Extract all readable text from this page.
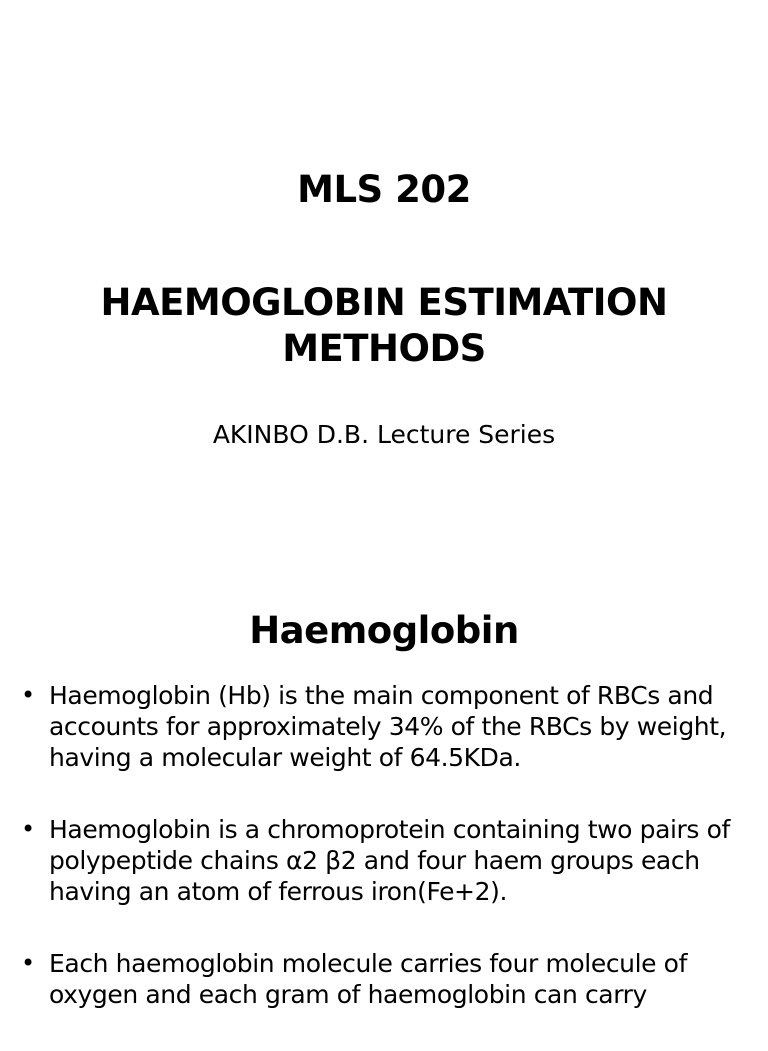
MLS 202
HAEMOGLOBIN ESTIMATION
METHODS
AKINBO D.B. Lecture Series
Haemoglobin
• Haemoglobin (Hb) is the main component of RBCs and accounts for approximately 34% of the RBCs by weight, having a molecular weight of 64.5KDa.
• Haemoglobin is a chromoprotein containing two pairs of polypeptide chains α2 β2 and four haem groups each having an atom of ferrous iron(Fe+2).
• Each haemoglobin molecule carries four molecule of oxygen and each gram of haemoglobin can carry
